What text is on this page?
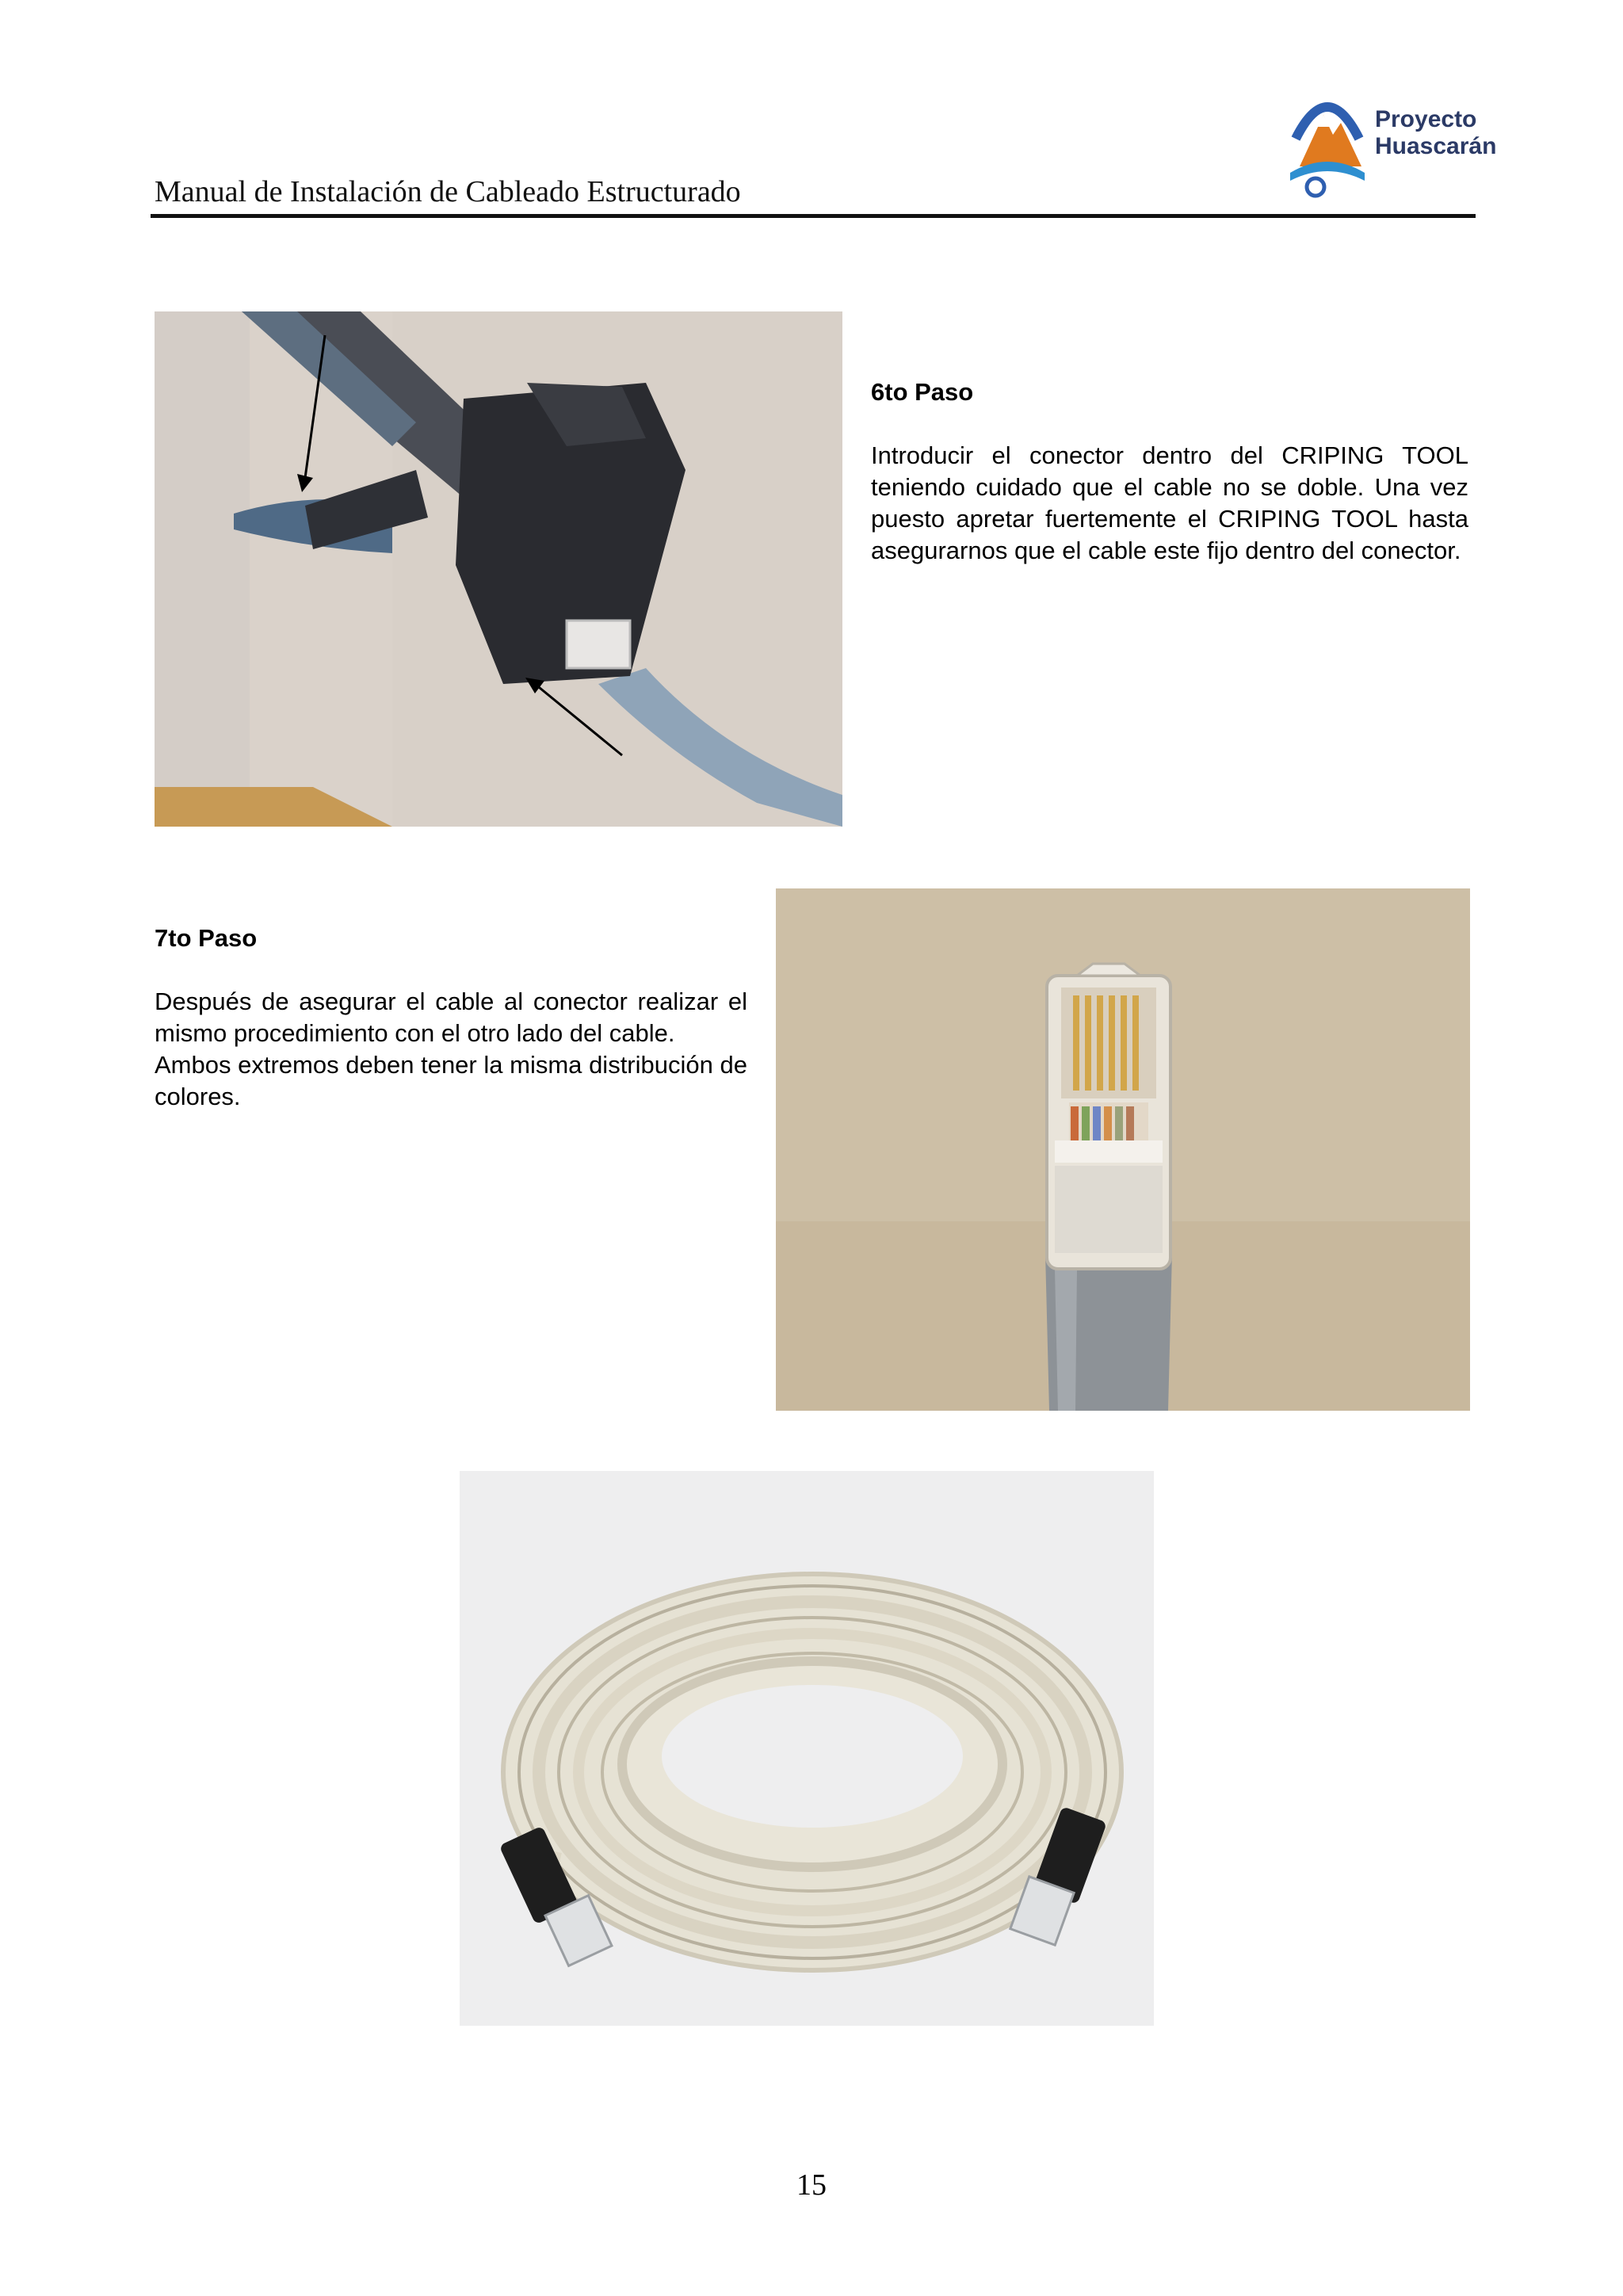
Manual de Instalación de Cableado Estructurado
Proyecto
Huascarán
6to Paso

Introducir el conector dentro del CRIPING TOOL teniendo cuidado que el cable no se doble. Una vez puesto apretar fuertemente el CRIPING TOOL hasta asegurarnos que el cable este fijo dentro del conector.

7to Paso

Después de asegurar el cable al conector realizar el mismo procedimiento con el otro lado del cable.

Ambos extremos deben tener la misma distribución de colores.

15
